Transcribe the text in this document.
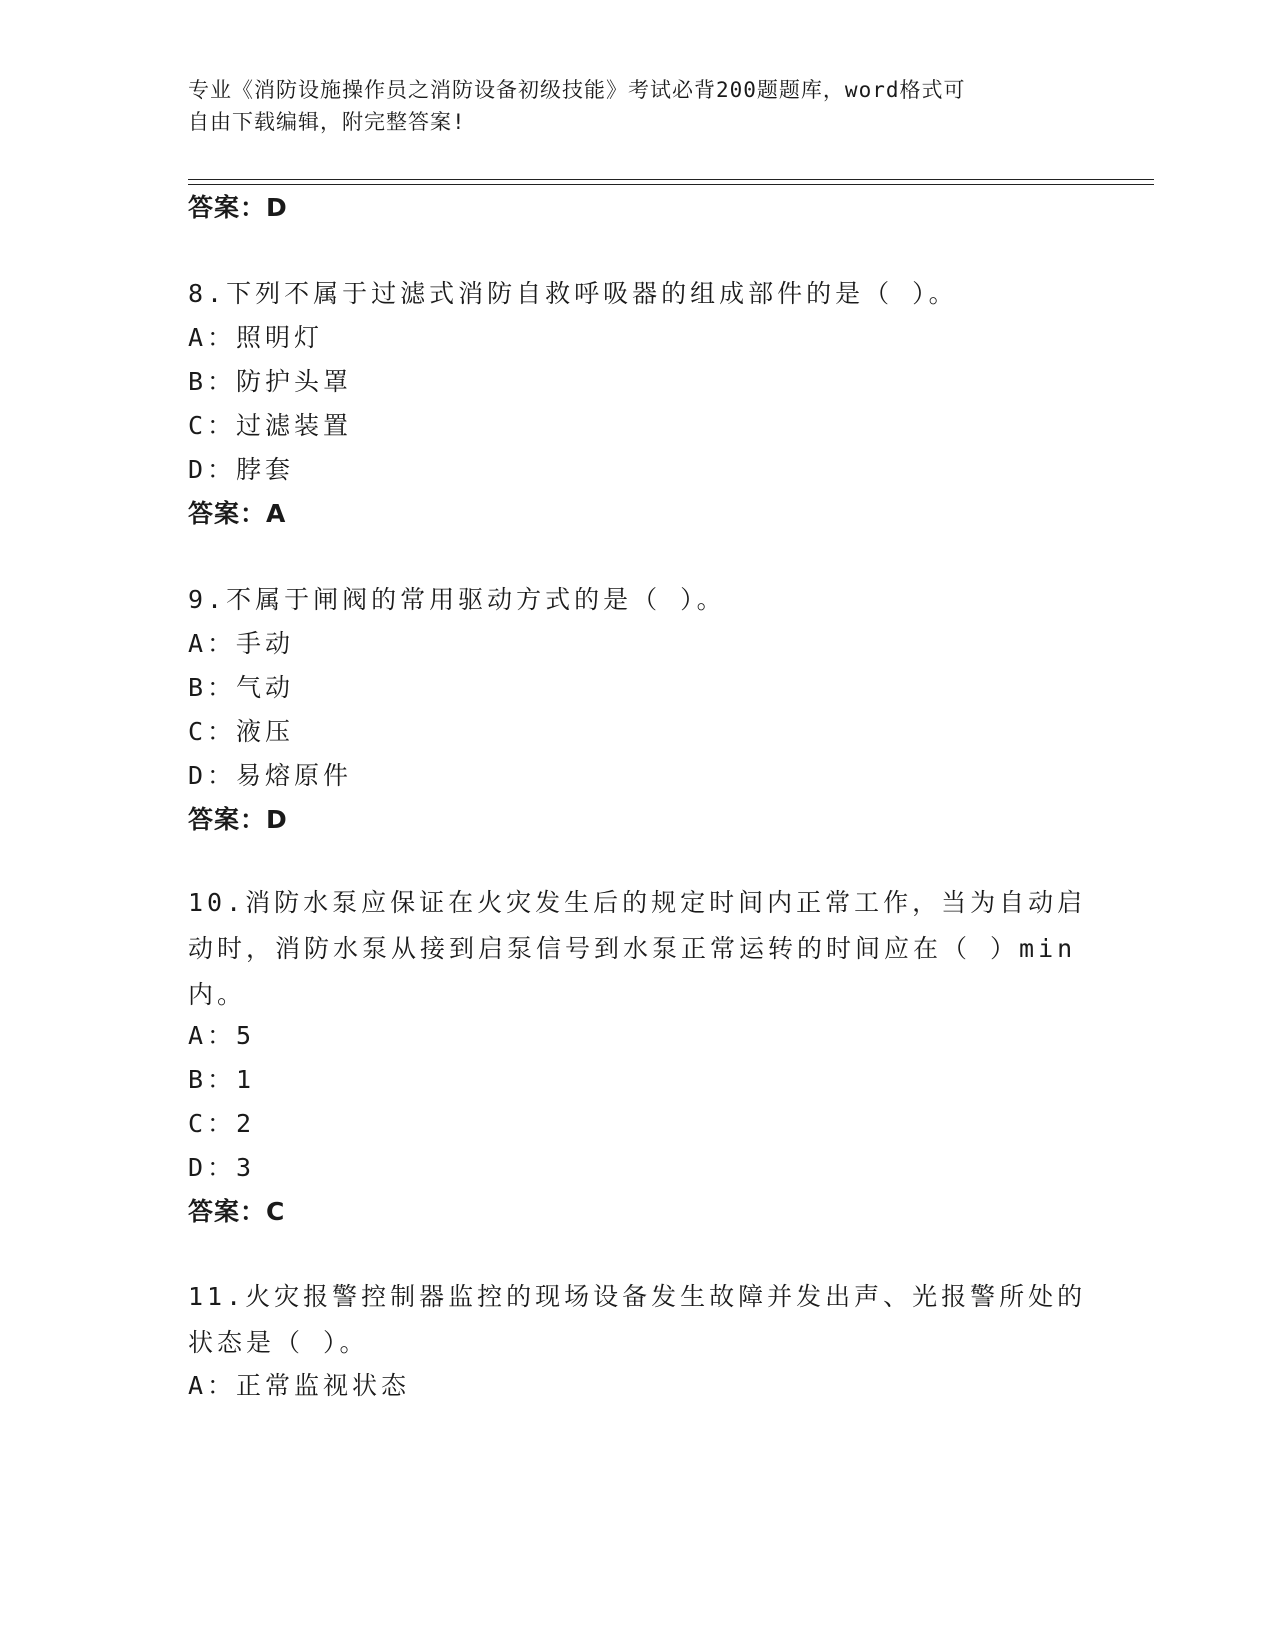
专业《消防设施操作员之消防设备初级技能》考试必背200题题库，word格式可
自由下载编辑，附完整答案!
答案：D
8.下列不属于过滤式消防自救呼吸器的组成部件的是（ ）。
A：照明灯
B：防护头罩
C：过滤装置
D：脖套
答案：A
9.不属于闸阀的常用驱动方式的是（ ）。
A：手动
B：气动
C：液压
D：易熔原件
答案：D
10.消防水泵应保证在火灾发生后的规定时间内正常工作，当为自动启
动时，消防水泵从接到启泵信号到水泵正常运转的时间应在（ ）min
内。
A：5
B：1
C：2
D：3
答案：C
11.火灾报警控制器监控的现场设备发生故障并发出声、光报警所处的
状态是（ ）。
A：正常监视状态
